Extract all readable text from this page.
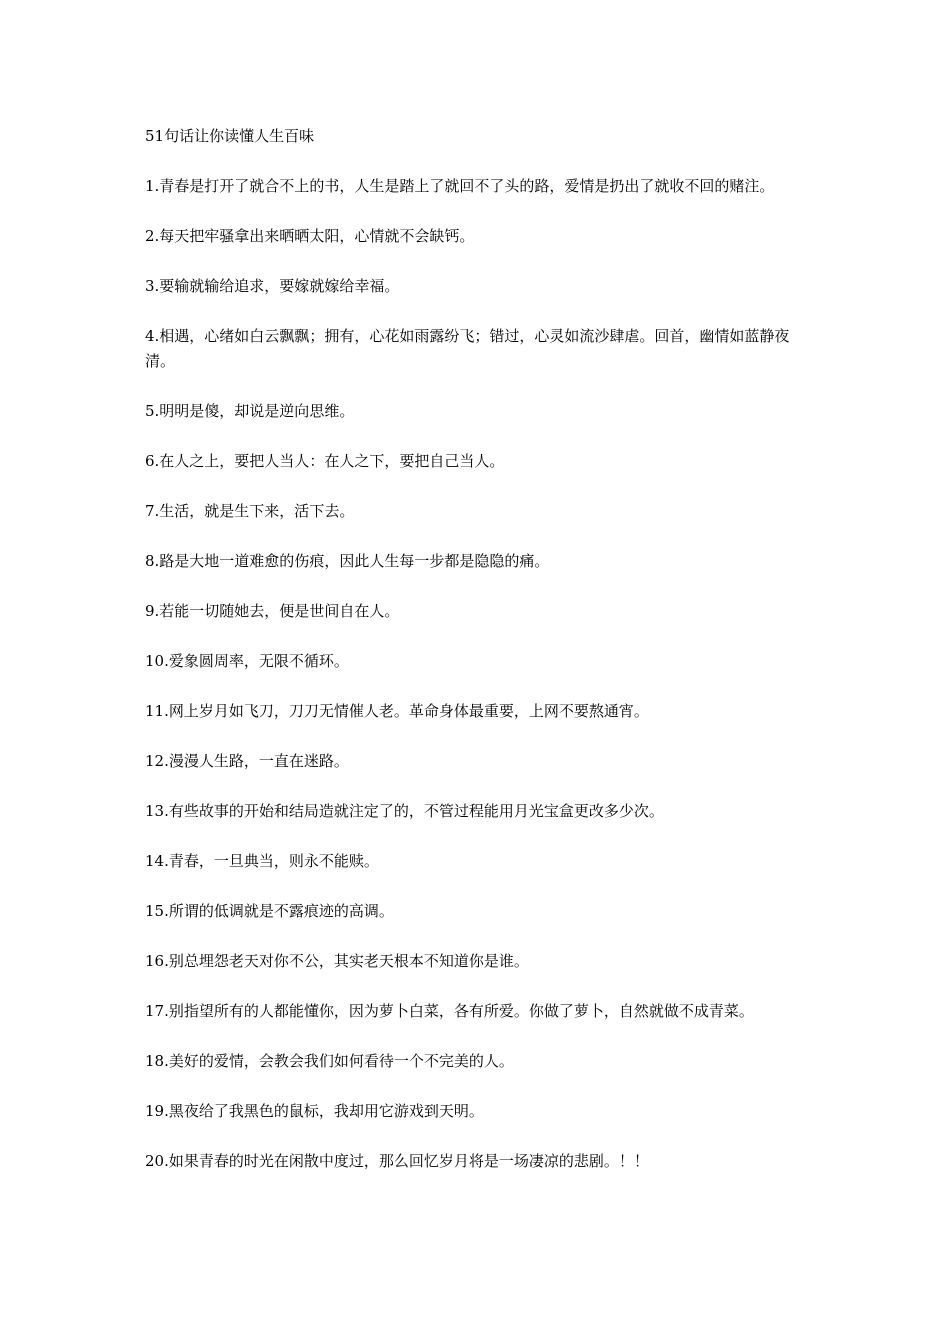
51句话让你读懂人生百味
1.青春是打开了就合不上的书，人生是踏上了就回不了头的路，爱情是扔出了就收不回的赌注。
2.每天把牢骚拿出来晒晒太阳，心情就不会缺钙。
3.要输就输给追求，要嫁就嫁给幸福。
4.相遇，心绪如白云飘飘；拥有，心花如雨露纷飞；错过，心灵如流沙肆虐。回首，幽情如蓝静夜清。
5.明明是傻，却说是逆向思维。
6.在人之上，要把人当人：在人之下，要把自己当人。
7.生活，就是生下来，活下去。
8.路是大地一道难愈的伤痕，因此人生每一步都是隐隐的痛。
9.若能一切随她去，便是世间自在人。
10.爱象圆周率，无限不循环。
11.网上岁月如飞刀，刀刀无情催人老。革命身体最重要，上网不要熬通宵。
12.漫漫人生路，一直在迷路。
13.有些故事的开始和结局造就注定了的，不管过程能用月光宝盒更改多少次。
14.青春，一旦典当，则永不能赎。
15.所谓的低调就是不露痕迹的高调。
16.别总埋怨老天对你不公，其实老天根本不知道你是谁。
17.别指望所有的人都能懂你，因为萝卜白菜，各有所爱。你做了萝卜，自然就做不成青菜。
18.美好的爱情，会教会我们如何看待一个不完美的人。
19.黑夜给了我黑色的鼠标，我却用它游戏到天明。
20.如果青春的时光在闲散中度过，那么回忆岁月将是一场凄凉的悲剧。！！
